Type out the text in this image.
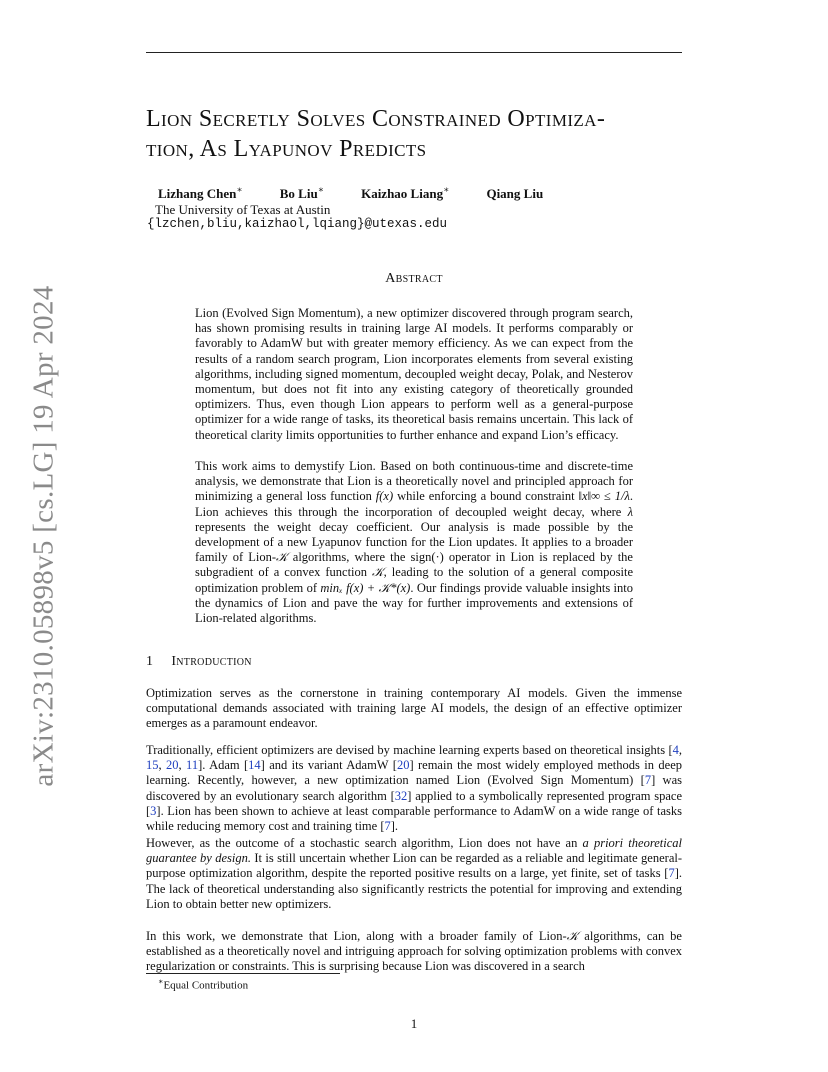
arXiv:2310.05898v5 [cs.LG] 19 Apr 2024
Lion Secretly Solves Constrained Optimiza-
tion, As Lyapunov Predicts
Lizhang Chen∗	Bo Liu∗	Kaizhao Liang∗	Qiang Liu
The University of Texas at Austin
{lzchen,bliu,kaizhaol,lqiang}@utexas.edu
Abstract

Lion (Evolved Sign Momentum), a new optimizer discovered through program search, has shown promising results in training large AI models. It performs comparably or favorably to AdamW but with greater memory efficiency. As we can expect from the results of a random search program, Lion incorporates elements from several existing algorithms, including signed momentum, decoupled weight decay, Polak, and Nesterov momentum, but does not fit into any existing category of theoretically grounded optimizers. Thus, even though Lion appears to perform well as a general-purpose optimizer for a wide range of tasks, its theoretical basis remains uncertain. This lack of theoretical clarity limits opportunities to further enhance and expand Lion’s efficacy.

This work aims to demystify Lion. Based on both continuous-time and discrete-time analysis, we demonstrate that Lion is a theoretically novel and principled approach for minimizing a general loss function f(x) while enforcing a bound constraint ‖x‖∞ ≤ 1/λ. Lion achieves this through the incorporation of decoupled weight decay, where λ represents the weight decay coefficient. Our analysis is made possible by the development of a new Lyapunov function for the Lion updates. It applies to a broader family of Lion-𝒦 algorithms, where the sign(·) operator in Lion is replaced by the subgradient of a convex function 𝒦, leading to the solution of a general composite optimization problem of minₓ f(x) + 𝒦*(x). Our findings provide valuable insights into the dynamics of Lion and pave the way for further improvements and extensions of Lion-related algorithms.

1 Introduction

Optimization serves as the cornerstone in training contemporary AI models. Given the immense computational demands associated with training large AI models, the design of an effective optimizer emerges as a paramount endeavor.

Traditionally, efficient optimizers are devised by machine learning experts based on theoretical insights [4, 15, 20, 11]. Adam [14] and its variant AdamW [20] remain the most widely employed methods in deep learning. Recently, however, a new optimization named Lion (Evolved Sign Momentum) [7] was discovered by an evolutionary search algorithm [32] applied to a symbolically represented program space [3]. Lion has been shown to achieve at least comparable performance to AdamW on a wide range of tasks while reducing memory cost and training time [7].

However, as the outcome of a stochastic search algorithm, Lion does not have an a priori theoretical guarantee by design. It is still uncertain whether Lion can be regarded as a reliable and legitimate general-purpose optimization algorithm, despite the reported positive results on a large, yet finite, set of tasks [7]. The lack of theoretical understanding also significantly restricts the potential for improving and extending Lion to obtain better new optimizers.

In this work, we demonstrate that Lion, along with a broader family of Lion-𝒦 algorithms, can be established as a theoretically novel and intriguing approach for solving optimization problems with convex regularization or constraints. This is surprising because Lion was discovered in a search

∗Equal Contribution
1
